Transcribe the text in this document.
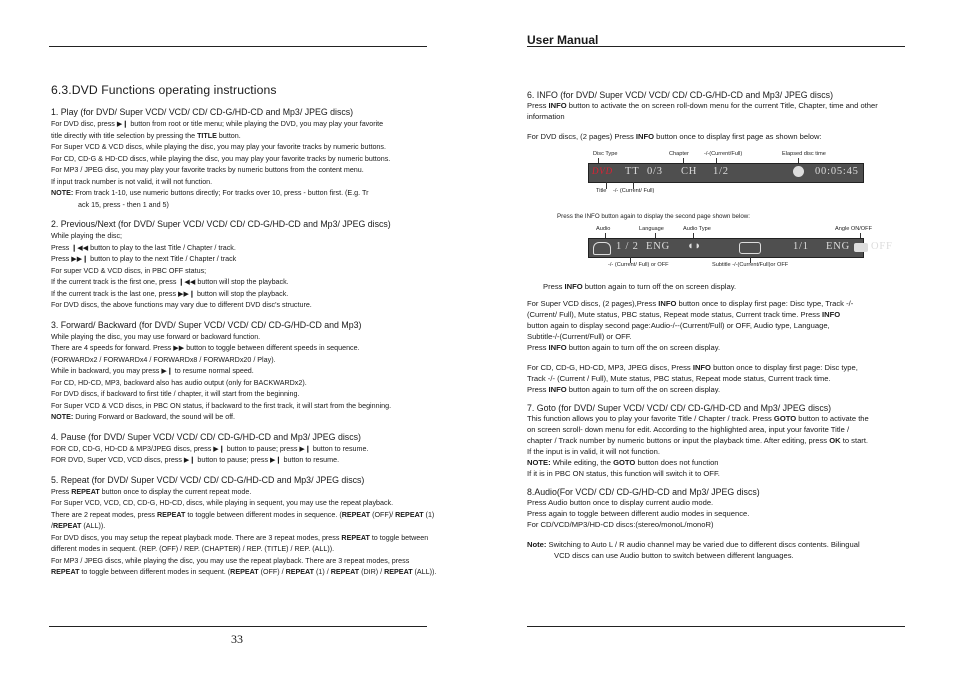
User Manual
33
6.3.DVD Functions operating instructions
1. Play (for DVD/ Super VCD/ VCD/ CD/ CD-G/HD-CD and Mp3/ JPEG discs)
For DVD disc, press ▶❙ button from root or title menu; while playing the DVD, you may play your favorite
title directly with title selection by pressing the TITLE button.
For Super VCD & VCD discs, while playing the disc, you may play your favorite tracks by numeric buttons.
For CD, CD-G & HD-CD discs, while playing the disc, you may play your favorite tracks by numeric buttons.
For MP3 / JPEG disc, you may play your favorite tracks by numeric buttons from the content menu.
If input track number is not valid, it will not function.
NOTE: From track 1-10, use numeric buttons directly; For tracks over 10, press - button first. (E.g. Tr
ack 15, press - then 1 and 5)
2. Previous/Next (for DVD/ Super VCD/ VCD/ CD/ CD-G/HD-CD and Mp3/ JPEG discs)
While playing the disc;
Press ❙◀◀ button to play to the last Title / Chapter / track.
Press ▶▶❙ button to play to the next Title / Chapter / track
For super VCD & VCD discs, in PBC OFF status;
If the current track is the first one, press ❙◀◀ button will stop the playback.
If the current track is the last one, press ▶▶❙ button will stop the playback.
For DVD discs, the above functions may vary due to different DVD disc's structure.
3. Forward/ Backward (for DVD/ Super VCD/ VCD/ CD/ CD-G/HD-CD and Mp3)
While playing the disc, you may use forward or backward function.
There are 4 speeds for forward. Press ▶▶ button to toggle between different speeds in sequence.
(FORWARDx2 / FORWARDx4 / FORWARDx8 / FORWARDx20 / Play).
While in backward, you may press ▶❙ to resume normal speed.
For CD, HD-CD, MP3, backward also has audio output (only for BACKWARDx2).
For DVD discs, if backward to first title / chapter, it will start from the beginning.
For Super VCD & VCD discs, in PBC ON status, if backward to the first track, it will start from the beginning.
NOTE: During Forward or Backward, the sound will be off.
4. Pause (for DVD/ Super VCD/ VCD/ CD/ CD-G/HD-CD and Mp3/ JPEG discs)
FOR CD, CD-G, HD-CD & MP3/JPEG discs, press ▶❙ button to pause; press ▶❙ button to resume.
FOR DVD, Super VCD, VCD discs, press ▶❙ button to pause; press ▶❙ button to resume.
5. Repeat (for DVD/ Super VCD/ VCD/ CD/ CD-G/HD-CD and Mp3/ JPEG discs)
Press REPEAT button once to display the current repeat mode.
For Super VCD, VCD, CD, CD-G, HD-CD, discs, while playing in sequent, you may use the repeat playback.
There are 2 repeat modes, press REPEAT to toggle between different modes in sequence. (REPEAT (OFF)/ REPEAT (1)
/REPEAT (ALL)).
For DVD discs, you may setup the repeat playback mode. There are 3 repeat modes, press REPEAT to toggle between
different modes in sequent. (REP. (OFF) / REP. (CHAPTER) / REP. (TITLE) / REP. (ALL)).
For MP3 / JPEG discs, while playing the disc, you may use the repeat playback. There are 3 repeat modes, press
REPEAT to toggle between different modes in sequent. (REPEAT (OFF) / REPEAT (1) / REPEAT (DIR) / REPEAT (ALL)).
6. INFO (for DVD/ Super VCD/ VCD/ CD/ CD-G/HD-CD and Mp3/ JPEG discs)
Press INFO button to activate the on screen roll-down menu for the current Title, Chapter, time and other
information
For DVD discs, (2 pages) Press INFO button once to display first page as shown below:
Disc Type	Chapter	-/-(Current/Full)	Elapsed disc time
DVD TT 0/3 CH 1/2	00:05:45
Title -/- (Current/ Full)
Press the INFO button again to display the second page shown below:
Audio	Language	Audio Type	Angle ON/OFF
1 / 2 ENG ◖◗	1/1 ENG OFF
-/- (Current/ Full) or OFF	Subtitle -/-(Current/Full)or OFF
Press INFO button again to turn off the on screen display.
For Super VCD discs, (2 pages),Press INFO button once to display first page: Disc type, Track -/-
(Current/ Full), Mute status, PBC status, Repeat mode status, Current track time. Press INFO
button again to display second page:Audio-/--(Current/Full) or OFF, Audio type, Language,
Subtitle-/-(Current/Full) or OFF.
Press INFO button again to turn off the on screen display.
For CD, CD-G, HD-CD, MP3, JPEG discs, Press INFO button once to display first page: Disc type,
Track -/- (Current / Full), Mute status, PBC status, Repeat mode status, Current track time.
Press INFO button again to turn off the on screen display.
7. Goto (for DVD/ Super VCD/ VCD/ CD/ CD-G/HD-CD and Mp3/ JPEG discs)
This function allows you to play your favorite Title / Chapter / track. Press GOTO button to activate the
on screen scroll- down menu for edit. According to the highlighted area, input your favorite Title /
chapter / Track number by numeric buttons or input the playback time. After editing, press OK to start.
If the input is in valid, it will not function.
NOTE: While editing, the GOTO button does not function
If it is in PBC ON status, this function will switch it to OFF.
8.Audio(For VCD/ CD/ CD-G/HD-CD and Mp3/ JPEG discs)
Press Audio button once to display current audio mode.
Press again to toggle between different audio modes in sequence.
For CD/VCD/MP3/HD-CD discs:(stereo/monoL/monoR)
Note: Switching to Auto L / R audio channel may be varied due to different discs contents. Bilingual
VCD discs can use Audio button to switch between different languages.
